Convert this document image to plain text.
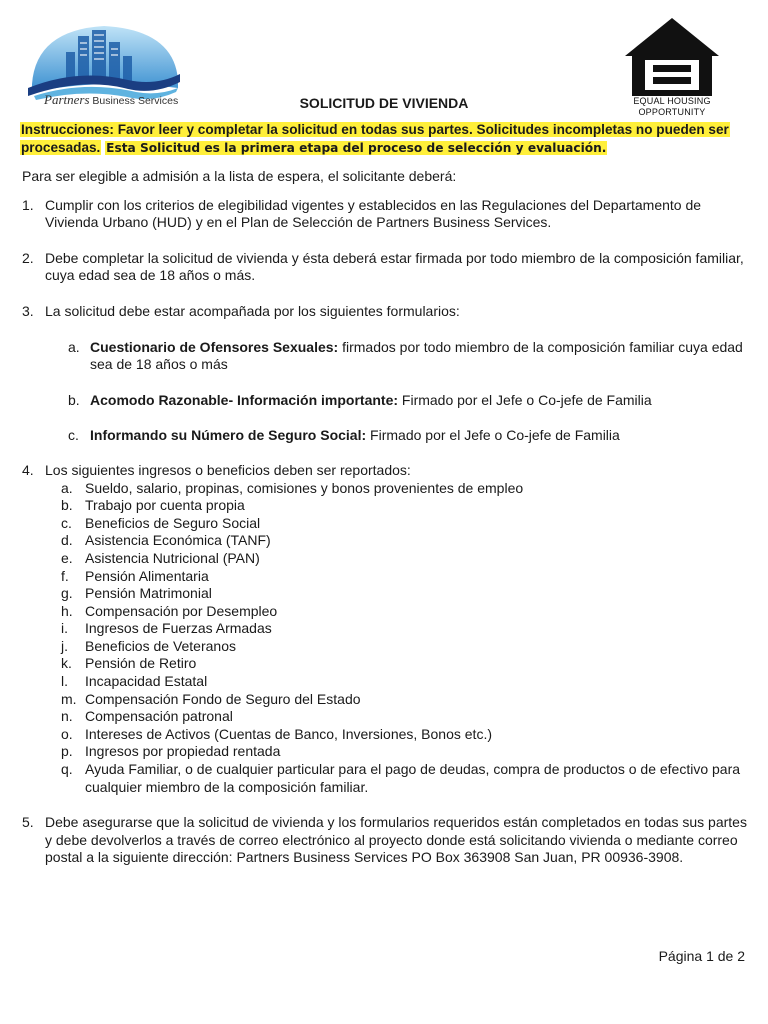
Partners Business Services	EQUAL HOUSING
OPPORTUNITY
SOLICITUD DE VIVIENDA
Instrucciones: Favor leer y completar la solicitud en todas sus partes. Solicitudes incompletas no pueden ser procesadas. Esta Solicitud es la primera etapa del proceso de selección y evaluación.
Para ser elegible a admisión a la lista de espera, el solicitante deberá:
1. Cumplir con los criterios de elegibilidad vigentes y establecidos en las Regulaciones del Departamento de Vivienda Urbano (HUD) y en el Plan de Selección de Partners Business Services.
2. Debe completar la solicitud de vivienda y ésta deberá estar firmada por todo miembro de la composición familiar, cuya edad sea de 18 años o más.
3. La solicitud debe estar acompañada por los siguientes formularios:
a. Cuestionario de Ofensores Sexuales: firmados por todo miembro de la composición familiar cuya edad sea de 18 años o más
b. Acomodo Razonable- Información importante: Firmado por el Jefe o Co-jefe de Familia
c. Informando su Número de Seguro Social: Firmado por el Jefe o Co-jefe de Familia
4. Los siguientes ingresos o beneficios deben ser reportados:
a. Sueldo, salario, propinas, comisiones y bonos provenientes de empleo
b. Trabajo por cuenta propia
c. Beneficios de Seguro Social
d. Asistencia Económica (TANF)
e. Asistencia Nutricional (PAN)
f.	Pensión Alimentaria
g. Pensión Matrimonial
h. Compensación por Desempleo
i.	Ingresos de Fuerzas Armadas
j.	Beneficios de Veteranos
k. Pensión de Retiro
l.	Incapacidad Estatal
m. Compensación Fondo de Seguro del Estado
n. Compensación patronal
o. Intereses de Activos (Cuentas de Banco, Inversiones, Bonos etc.)
p. Ingresos por propiedad rentada
q. Ayuda Familiar, o de cualquier particular para el pago de deudas, compra de productos o de efectivo para cualquier miembro de la composición familiar.
5. Debe asegurarse que la solicitud de vivienda y los formularios requeridos están completados en todas sus partes y debe devolverlos a través de correo electrónico al proyecto donde está solicitando vivienda o mediante correo postal a la siguiente dirección: Partners Business Services PO Box 363908 San Juan, PR 00936-3908.
Página 1 de 2
